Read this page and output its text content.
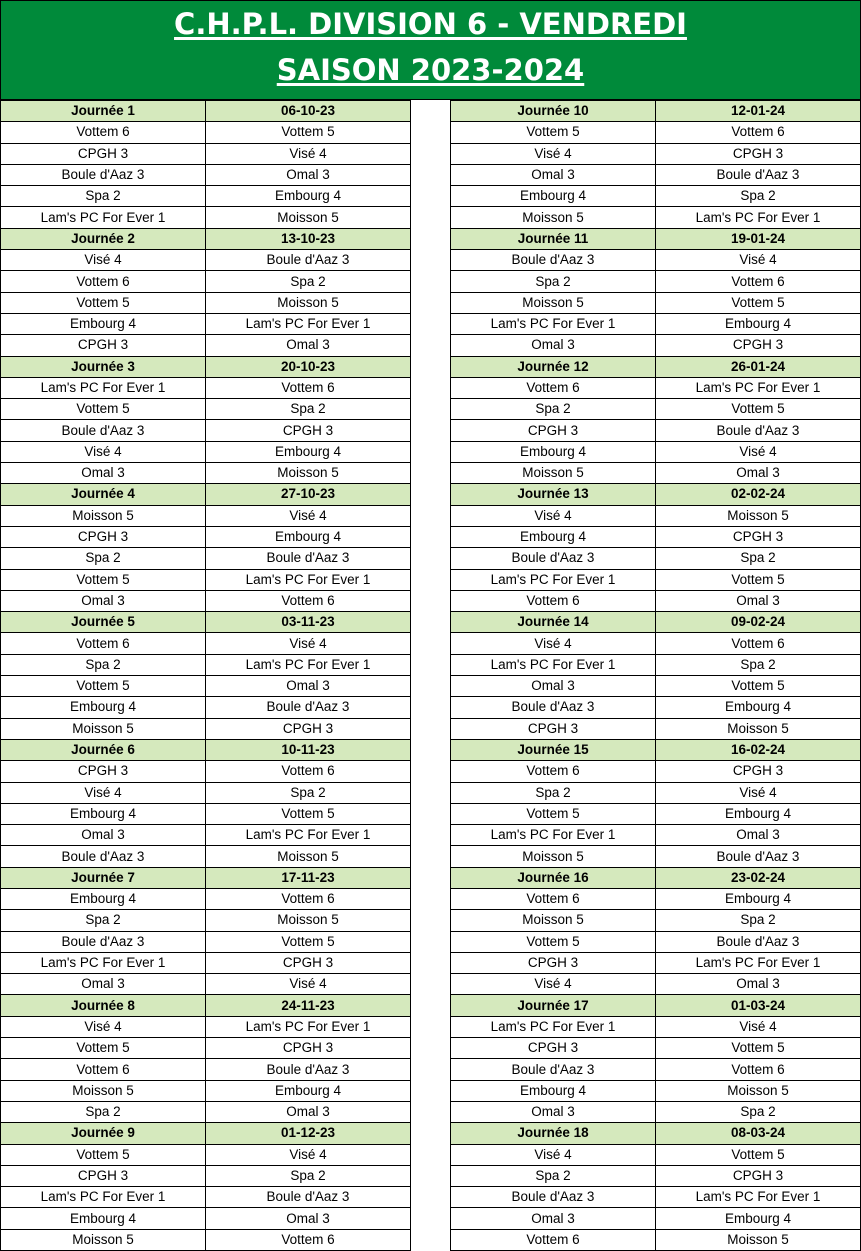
C.H.P.L. DIVISION 6 - VENDREDI
SAISON 2023-2024
Journée 1	06-10-23
Vottem 6	Vottem 5
CPGH 3	Visé 4
Boule d'Aaz 3	Omal 3
Spa 2	Embourg 4
Lam's PC For Ever 1	Moisson 5
Journée 2	13-10-23
Visé 4	Boule d'Aaz 3
Vottem 6	Spa 2
Vottem 5	Moisson 5
Embourg 4	Lam's PC For Ever 1
CPGH 3	Omal 3
Journée 3	20-10-23
Lam's PC For Ever 1	Vottem 6
Vottem 5	Spa 2
Boule d'Aaz 3	CPGH 3
Visé 4	Embourg 4
Omal 3	Moisson 5
Journée 4	27-10-23
Moisson 5	Visé 4
CPGH 3	Embourg 4
Spa 2	Boule d'Aaz 3
Vottem 5	Lam's PC For Ever 1
Omal 3	Vottem 6
Journée 5	03-11-23
Vottem 6	Visé 4
Spa 2	Lam's PC For Ever 1
Vottem 5	Omal 3
Embourg 4	Boule d'Aaz 3
Moisson 5	CPGH 3
Journée 6	10-11-23
CPGH 3	Vottem 6
Visé 4	Spa 2
Embourg 4	Vottem 5
Omal 3	Lam's PC For Ever 1
Boule d'Aaz 3	Moisson 5
Journée 7	17-11-23
Embourg 4	Vottem 6
Spa 2	Moisson 5
Boule d'Aaz 3	Vottem 5
Lam's PC For Ever 1	CPGH 3
Omal 3	Visé 4
Journée 8	24-11-23
Visé 4	Lam's PC For Ever 1
Vottem 5	CPGH 3
Vottem 6	Boule d'Aaz 3
Moisson 5	Embourg 4
Spa 2	Omal 3
Journée 9	01-12-23
Vottem 5	Visé 4
CPGH 3	Spa 2
Lam's PC For Ever 1	Boule d'Aaz 3
Embourg 4	Omal 3
Moisson 5	Vottem 6
Journée 10	12-01-24
Vottem 5	Vottem 6
Visé 4	CPGH 3
Omal 3	Boule d'Aaz 3
Embourg 4	Spa 2
Moisson 5	Lam's PC For Ever 1
Journée 11	19-01-24
Boule d'Aaz 3	Visé 4
Spa 2	Vottem 6
Moisson 5	Vottem 5
Lam's PC For Ever 1	Embourg 4
Omal 3	CPGH 3
Journée 12	26-01-24
Vottem 6	Lam's PC For Ever 1
Spa 2	Vottem 5
CPGH 3	Boule d'Aaz 3
Embourg 4	Visé 4
Moisson 5	Omal 3
Journée 13	02-02-24
Visé 4	Moisson 5
Embourg 4	CPGH 3
Boule d'Aaz 3	Spa 2
Lam's PC For Ever 1	Vottem 5
Vottem 6	Omal 3
Journée 14	09-02-24
Visé 4	Vottem 6
Lam's PC For Ever 1	Spa 2
Omal 3	Vottem 5
Boule d'Aaz 3	Embourg 4
CPGH 3	Moisson 5
Journée 15	16-02-24
Vottem 6	CPGH 3
Spa 2	Visé 4
Vottem 5	Embourg 4
Lam's PC For Ever 1	Omal 3
Moisson 5	Boule d'Aaz 3
Journée 16	23-02-24
Vottem 6	Embourg 4
Moisson 5	Spa 2
Vottem 5	Boule d'Aaz 3
CPGH 3	Lam's PC For Ever 1
Visé 4	Omal 3
Journée 17	01-03-24
Lam's PC For Ever 1	Visé 4
CPGH 3	Vottem 5
Boule d'Aaz 3	Vottem 6
Embourg 4	Moisson 5
Omal 3	Spa 2
Journée 18	08-03-24
Visé 4	Vottem 5
Spa 2	CPGH 3
Boule d'Aaz 3	Lam's PC For Ever 1
Omal 3	Embourg 4
Vottem 6	Moisson 5
